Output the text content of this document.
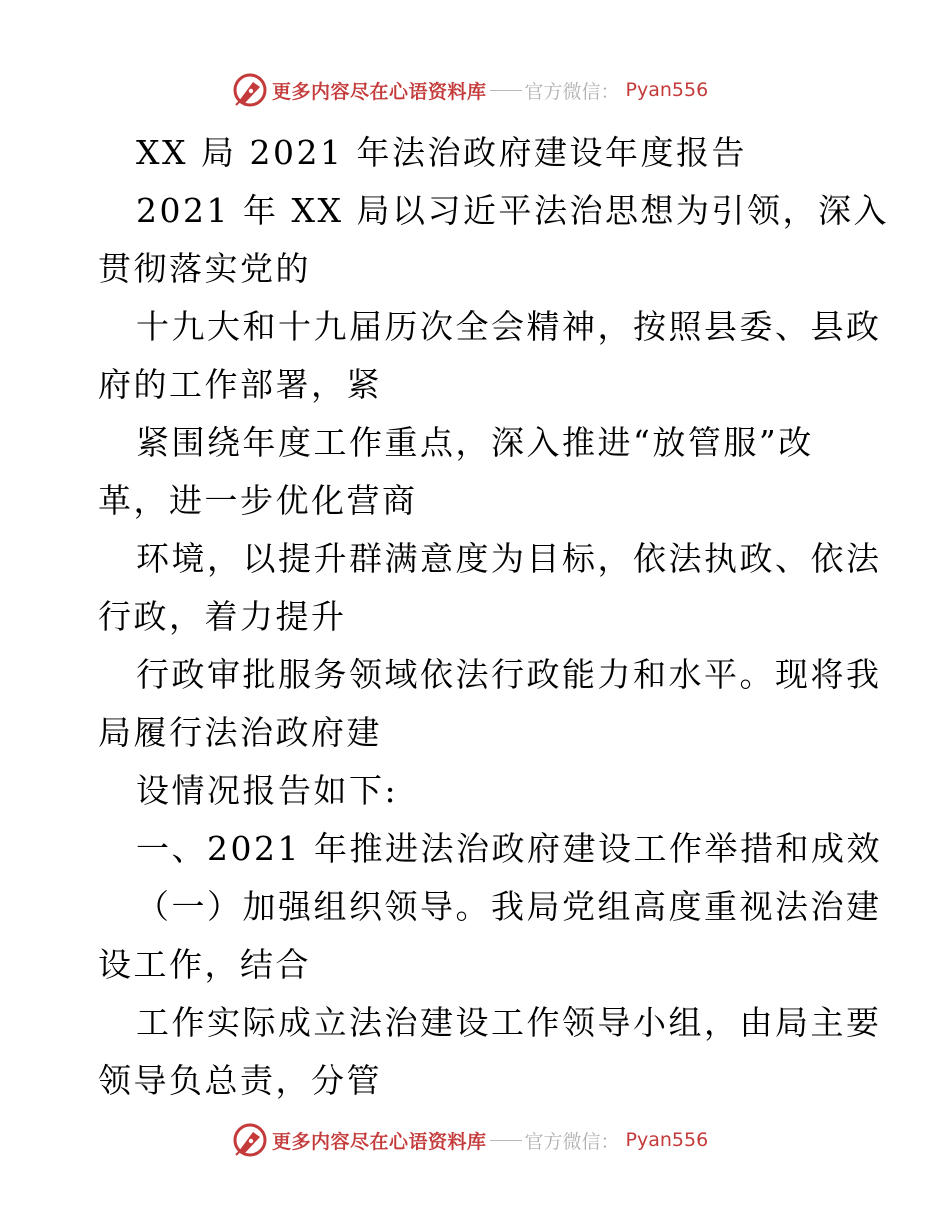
更多内容尽在心语资料库 官方微信： Pyan556
XX 局 2021 年法治政府建设年度报告
2021 年 XX 局以习近平法治思想为引领，深入
贯彻落实党的
十九大和十九届历次全会精神，按照县委、县政
府的工作部署，紧
紧围绕年度工作重点，深入推进“放管服”改
革，进一步优化营商
环境，以提升群满意度为目标，依法执政、依法
行政，着力提升
行政审批服务领域依法行政能力和水平。现将我
局履行法治政府建
设情况报告如下:
一、2021 年推进法治政府建设工作举措和成效
（一）加强组织领导。我局党组高度重视法治建
设工作，结合
工作实际成立法治建设工作领导小组，由局主要
领导负总责，分管
更多内容尽在心语资料库 官方微信： Pyan556
